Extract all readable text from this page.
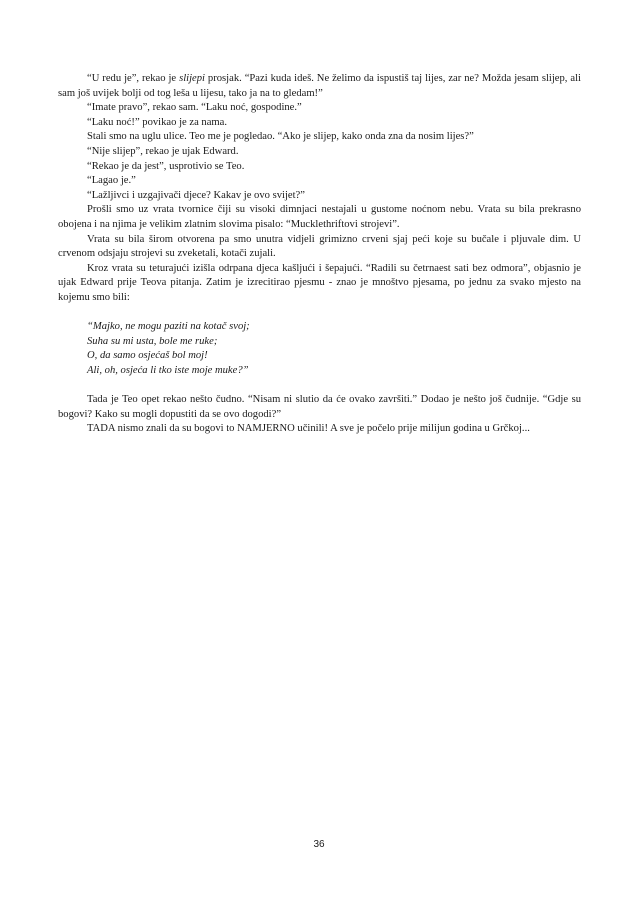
“U redu je”, rekao je slijepi prosjak. “Pazi kuda ideš. Ne želimo da ispustiš taj lijes, zar ne? Možda jesam slijep, ali sam još uvijek bolji od tog leša u lijesu, tako ja na to gledam!”

“Imate pravo”, rekao sam. “Laku noć, gospodine.”

“Laku noć!” povikao je za nama.

Stali smo na uglu ulice. Teo me je pogledao. “Ako je slijep, kako onda zna da nosim lijes?”

“Nije slijep”, rekao je ujak Edward.

“Rekao je da jest”, usprotivio se Teo.

“Lagao je.”

“Lažljivci i uzgajivači djece? Kakav je ovo svijet?”

Prošli smo uz vrata tvornice čiji su visoki dimnjaci nestajali u gustome noćnom nebu. Vrata su bila prekrasno obojena i na njima je velikim zlatnim slovima pisalo: “Mucklethriftovi strojevi”.

Vrata su bila širom otvorena pa smo unutra vidjeli grimizno crveni sjaj peći koje su bučale i pljuvale dim. U crvenom odsjaju strojevi su zveketali, kotači zujali.

Kroz vrata su teturajući izišla odrpana djeca kašljući i šepajući. “Radili su četrnaest sati bez odmora”, objasnio je ujak Edward prije Teova pitanja. Zatim je izrecitirao pjesmu - znao je mnoštvo pjesama, po jednu za svako mjesto na kojemu smo bili:

“Majko, ne mogu paziti na kotač svoj;

Suha su mi usta, bole me ruke;

O, da samo osjećaš bol moj!

Ali, oh, osjeća li tko iste moje muke?”

Tada je Teo opet rekao nešto čudno. “Nisam ni slutio da će ovako završiti.” Dodao je nešto još čudnije. “Gdje su bogovi? Kako su mogli dopustiti da se ovo dogodi?”

TADA nismo znali da su bogovi to NAMJERNO učinili! A sve je počelo prije milijun godina u Grčkoj...

36
